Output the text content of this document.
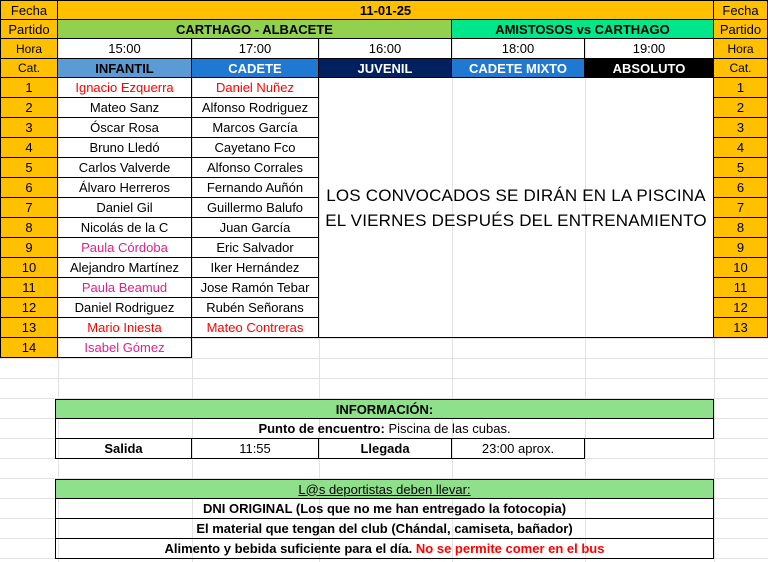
Fecha	11-01-25	Fecha
Partido	CARTHAGO - ALBACETE	AMISTOSOS vs CARTHAGO	Partido
Hora	15:00	17:00	16:00	18:00	19:00	Hora
Cat.	INFANTIL	CADETE	JUVENIL	CADETE MIXTO	ABSOLUTO	Cat.
1	Ignacio Ezquerra	Daniel Nuñez	1
2	Mateo Sanz	Alfonso Rodriguez	2
3	Óscar Rosa	Marcos García	3
4	Bruno Lledó	Cayetano Fco	4
5	Carlos Valverde	Alfonso Corrales	5
6	Álvaro Herreros	Fernando Auñón	6
7	Daniel Gil	Guillermo Balufo	7
8	Nicolás de la C	Juan García	8
9	Paula Córdoba	Eric Salvador	9
10	Alejandro Martínez	Iker Hernández	10
11	Paula Beamud	Jose Ramón Tebar	11
12	Daniel Rodriguez	Rubén Señorans	12
13	Mario Iniesta	Mateo Contreras	13
14	Isabel Gómez
LOS CONVOCADOS SE DIRÁN EN LA PISCINA
EL VIERNES DESPUÉS DEL ENTRENAMIENTO
INFORMACIÓN:
Punto de encuentro: Piscina de las cubas.
Salida	11:55	Llegada	23:00 aprox.
L@s deportistas deben llevar:
DNI ORIGINAL (Los que no me han entregado la fotocopia)
El material que tengan del club (Chándal, camiseta, bañador)
Alimento y bebida suficiente para el día. No se permite comer en el bus
